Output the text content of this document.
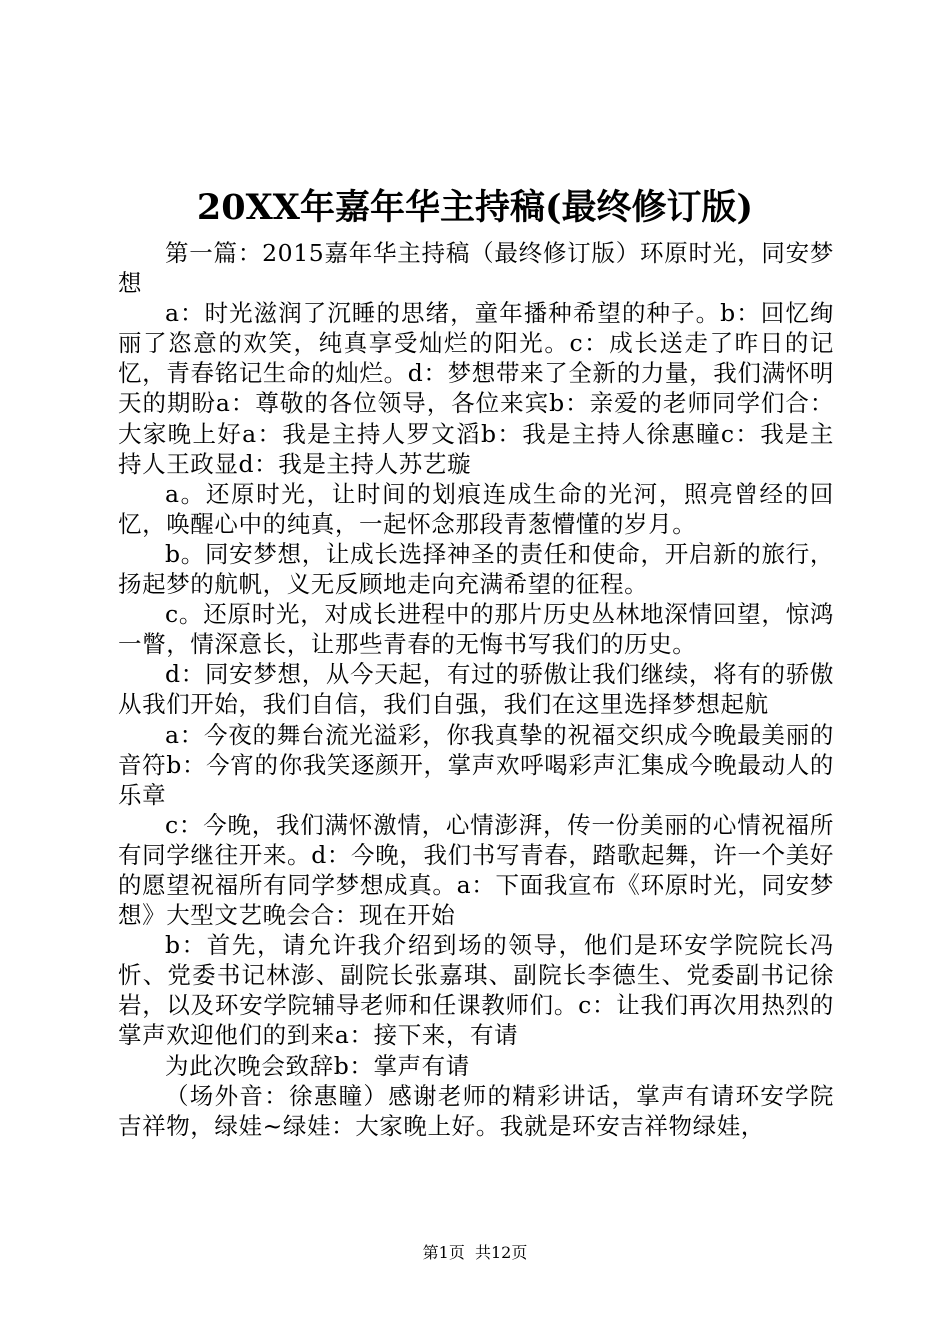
20XX年嘉年华主持稿(最终修订版)

第一篇：2015嘉年华主持稿（最终修订版）环原时光，同安梦想

a：时光滋润了沉睡的思绪，童年播种希望的种子。b：回忆绚丽了恣意的欢笑，纯真享受灿烂的阳光。c：成长送走了昨日的记忆，青春铭记生命的灿烂。d：梦想带来了全新的力量，我们满怀明天的期盼a：尊敬的各位领导，各位来宾b：亲爱的老师同学们合：大家晚上好a：我是主持人罗文滔b：我是主持人徐惠瞳c：我是主持人王政显d：我是主持人苏艺璇

a。还原时光，让时间的划痕连成生命的光河，照亮曾经的回忆，唤醒心中的纯真，一起怀念那段青葱懵懂的岁月。

b。同安梦想，让成长选择神圣的责任和使命，开启新的旅行，扬起梦的航帆，义无反顾地走向充满希望的征程。

c。还原时光，对成长进程中的那片历史丛林地深情回望，惊鸿一瞥，情深意长，让那些青春的无悔书写我们的历史。

d：同安梦想，从今天起，有过的骄傲让我们继续，将有的骄傲从我们开始，我们自信，我们自强，我们在这里选择梦想起航

a：今夜的舞台流光溢彩，你我真挚的祝福交织成今晚最美丽的音符b：今宵的你我笑逐颜开，掌声欢呼喝彩声汇集成今晚最动人的乐章

c：今晚，我们满怀激情，心情澎湃，传一份美丽的心情祝福所有同学继往开来。d：今晚，我们书写青春，踏歌起舞，许一个美好的愿望祝福所有同学梦想成真。a：下面我宣布《环原时光，同安梦想》大型文艺晚会合：现在开始

b：首先，请允许我介绍到场的领导，他们是环安学院院长冯忻、党委书记林澎、副院长张嘉琪、副院长李德生、党委副书记徐岩，以及环安学院辅导老师和任课教师们。c：让我们再次用热烈的掌声欢迎他们的到来a：接下来，有请

为此次晚会致辞b：掌声有请

（场外音：徐惠瞳）感谢老师的精彩讲话，掌声有请环安学院吉祥物，绿娃~绿娃：大家晚上好。我就是环安吉祥物绿娃，

第1页  共12页
